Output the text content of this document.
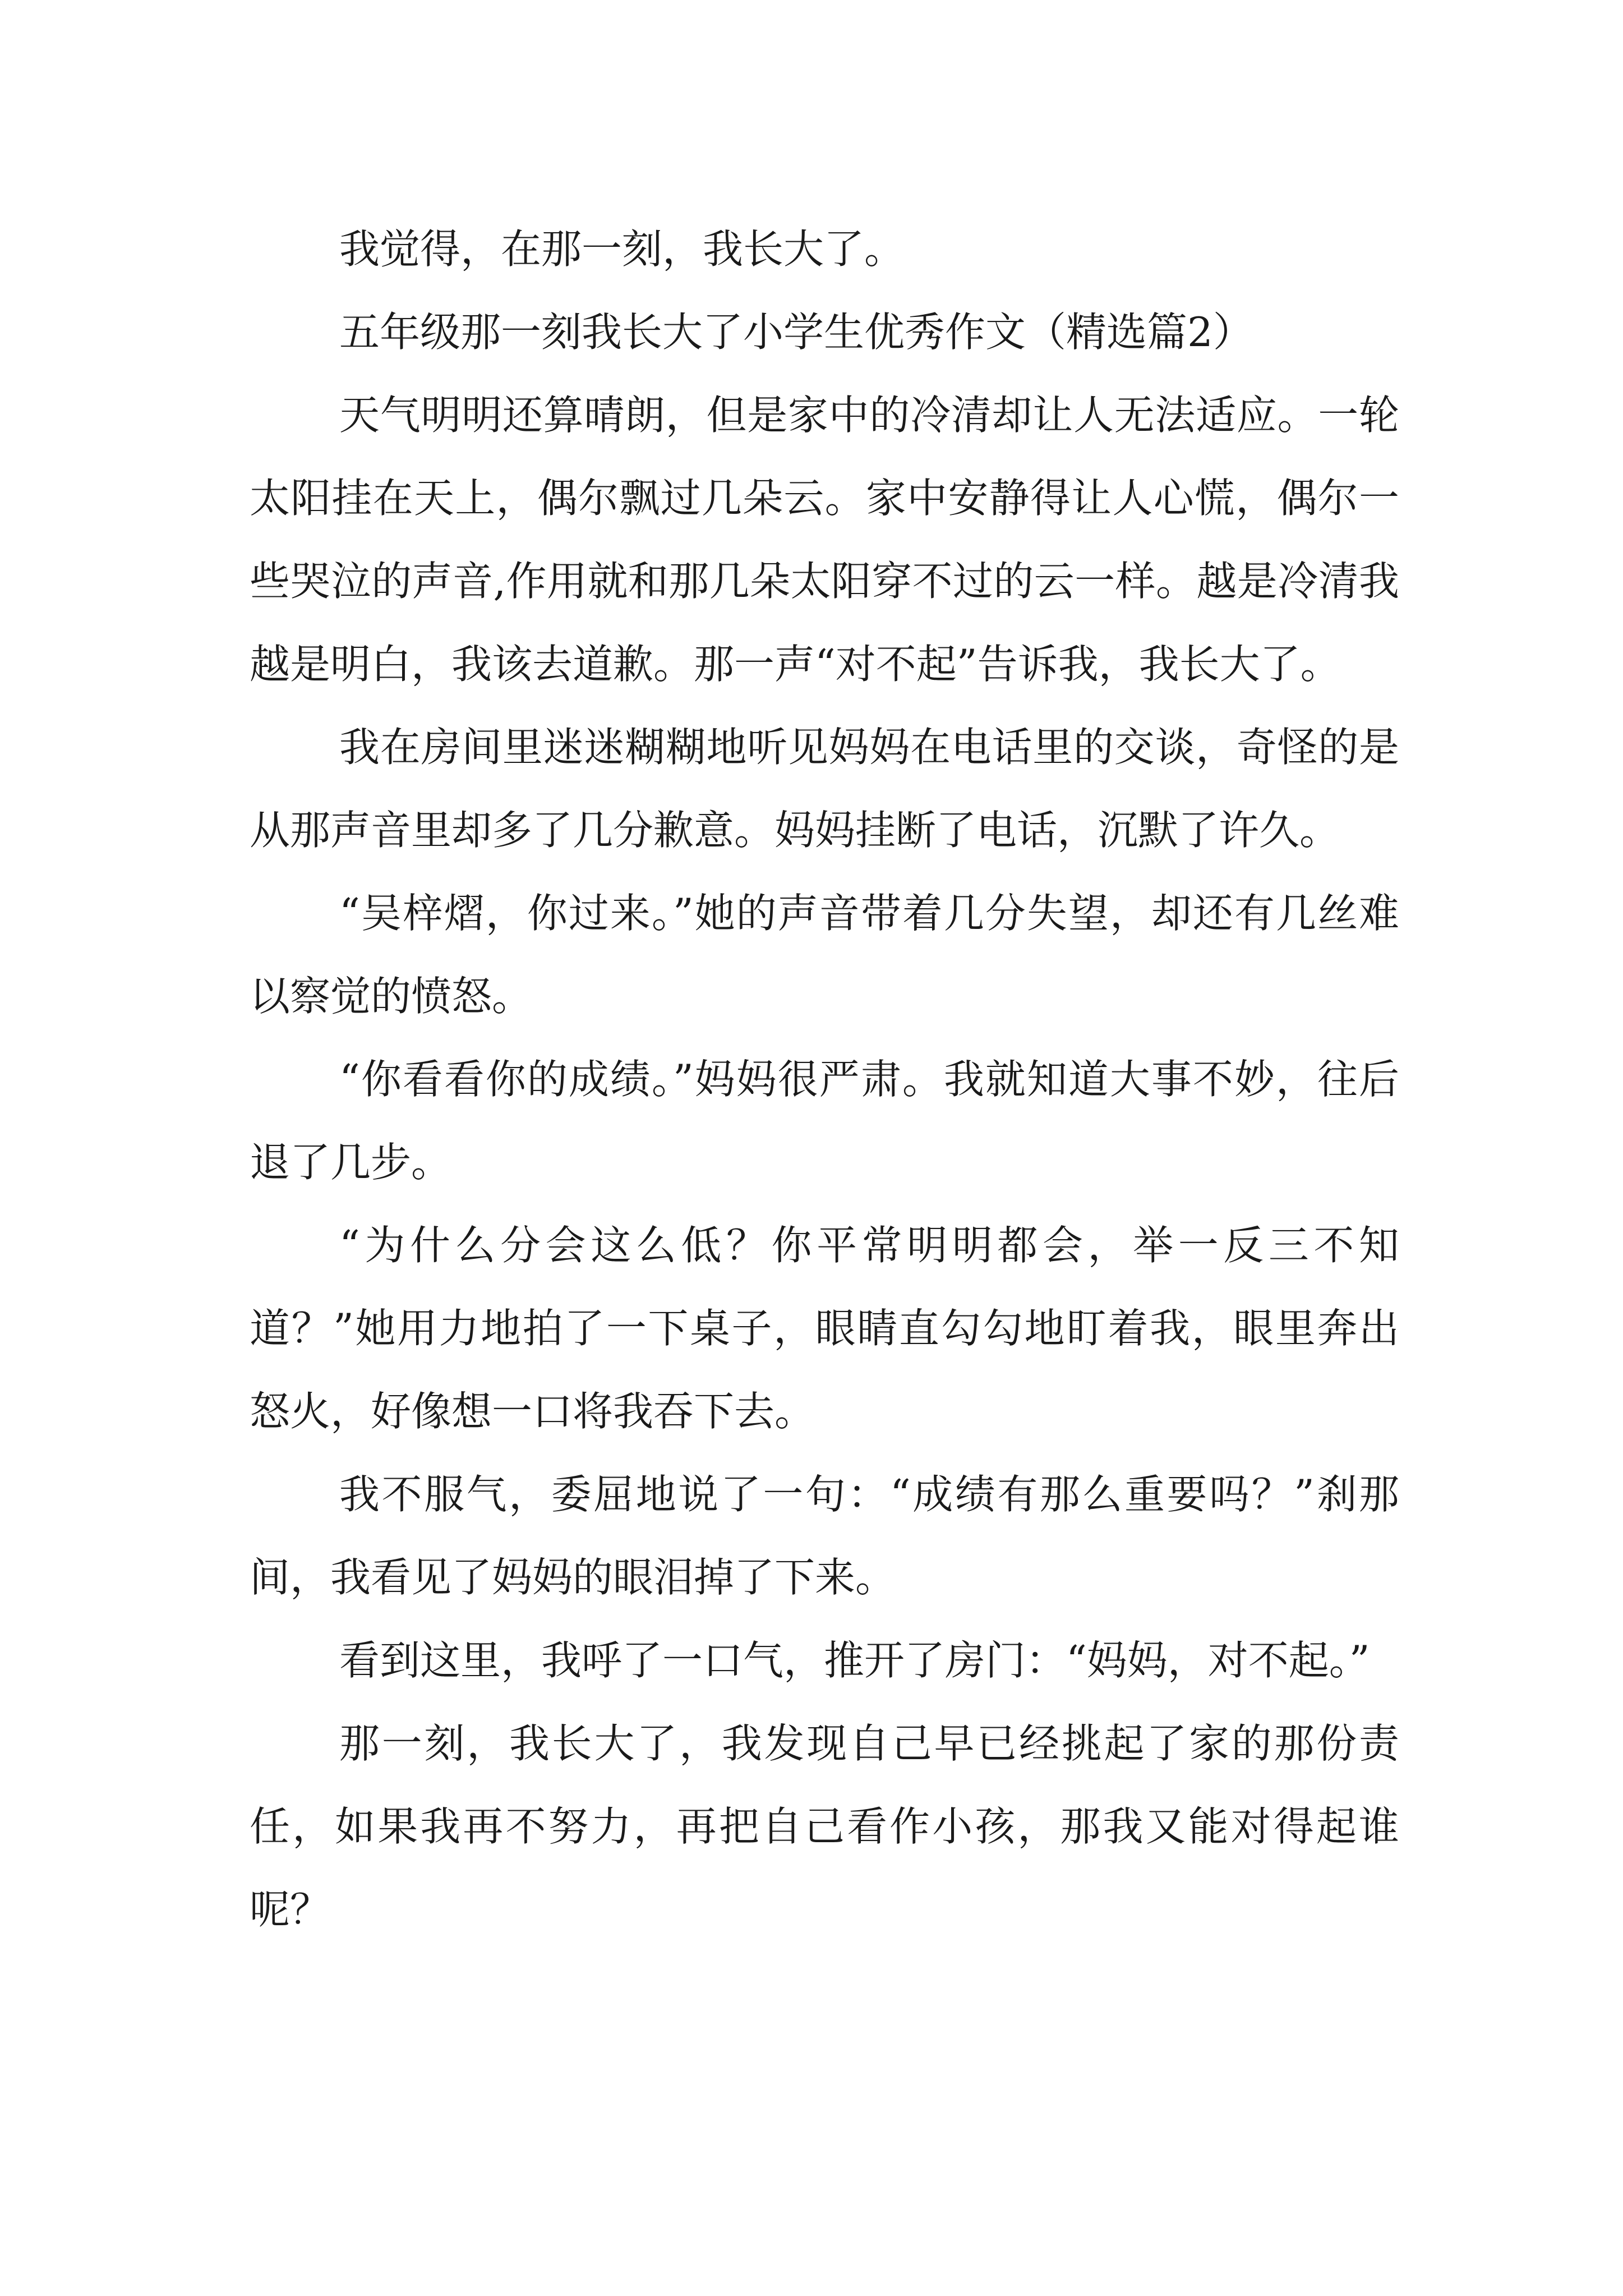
我觉得，在那一刻，我长大了。

五年级那一刻我长大了小学生优秀作文（精选篇2）

天气明明还算晴朗，但是家中的冷清却让人无法适应。一轮太阳挂在天上，偶尔飘过几朵云。家中安静得让人心慌，偶尔一些哭泣的声音,作用就和那几朵太阳穿不过的云一样。越是冷清我越是明白，我该去道歉。那一声“对不起”告诉我，我长大了。

我在房间里迷迷糊糊地听见妈妈在电话里的交谈，奇怪的是从那声音里却多了几分歉意。妈妈挂断了电话，沉默了许久。

“吴梓熠，你过来。”她的声音带着几分失望，却还有几丝难以察觉的愤怒。

“你看看你的成绩。”妈妈很严肃。我就知道大事不妙，往后退了几步。

“为什么分会这么低？你平常明明都会，举一反三不知道？”她用力地拍了一下桌子，眼睛直勾勾地盯着我，眼里奔出怒火，好像想一口将我吞下去。

我不服气，委屈地说了一句：“成绩有那么重要吗？”刹那间，我看见了妈妈的眼泪掉了下来。

看到这里，我呼了一口气，推开了房门：“妈妈，对不起。”

那一刻，我长大了，我发现自己早已经挑起了家的那份责任，如果我再不努力，再把自己看作小孩，那我又能对得起谁呢？
